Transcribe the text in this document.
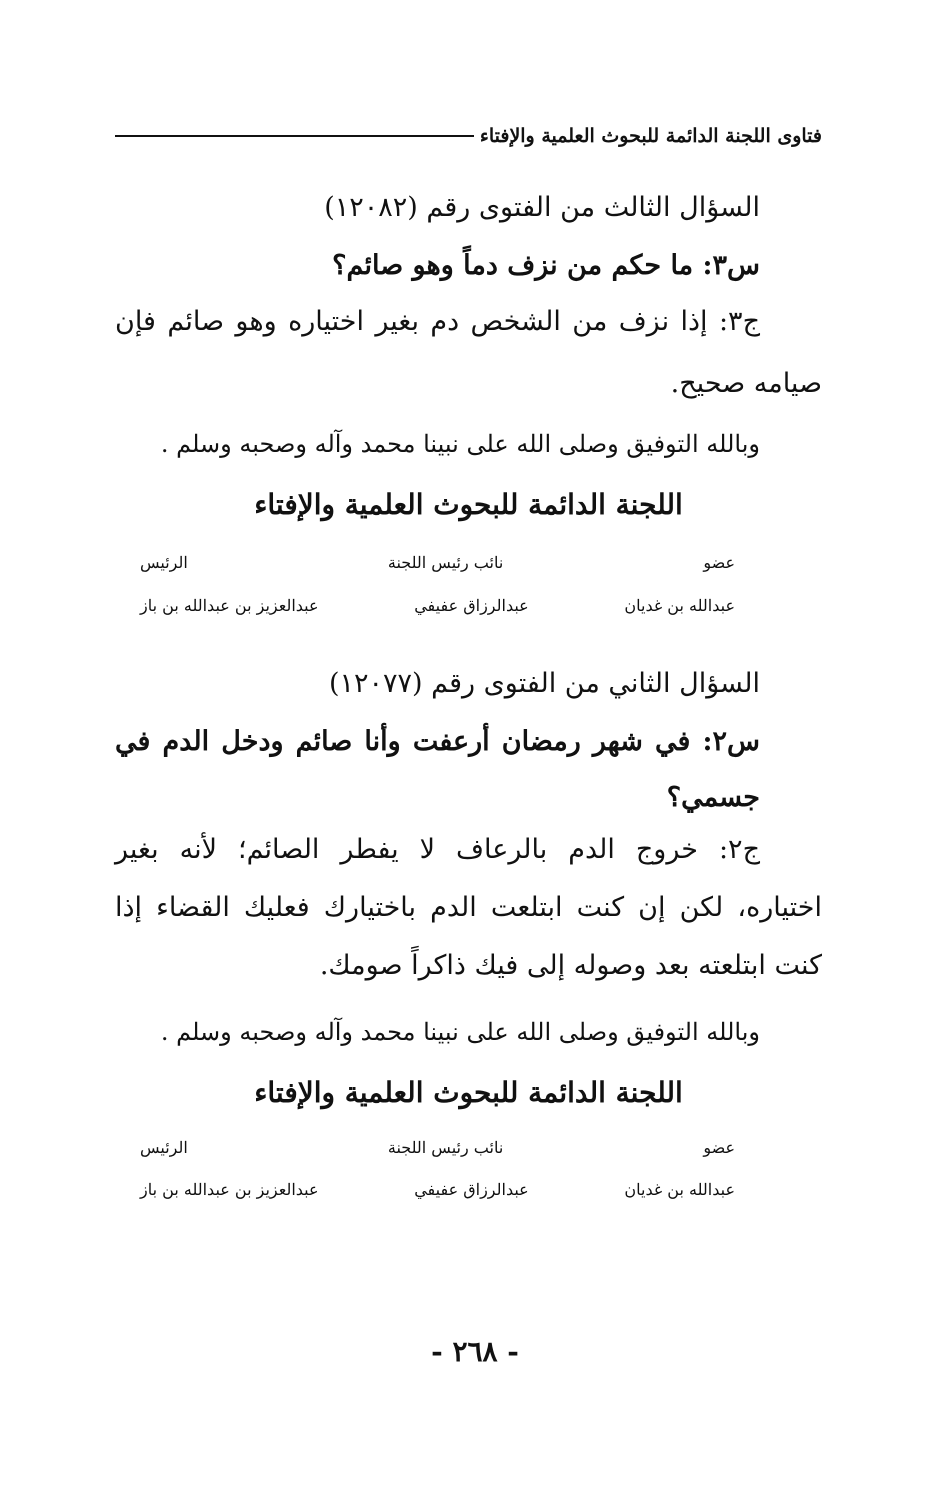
فتاوى اللجنة الدائمة للبحوث العلمية والإفتاء

السؤال الثالث من الفتوى رقم (١٢٠٨٢)

س٣: ما حكم من نزف دماً وهو صائم؟

ج٣: إذا نزف من الشخص دم بغير اختياره وهو صائم فإن

صيامه صحيح.

وبالله التوفيق وصلى الله على نبينا محمد وآله وصحبه وسلم .

اللجنة الدائمة للبحوث العلمية والإفتاء

عضو
نائب رئيس اللجنة
الرئيس
عبدالله بن غديان
عبدالرزاق عفيفي
عبدالعزيز بن عبدالله بن باز

السؤال الثاني من الفتوى رقم (١٢٠٧٧)

س٢: في شهر رمضان أرعفت وأنا صائم ودخل الدم في

جسمي؟

ج٢: خروج الدم بالرعاف لا يفطر الصائم؛ لأنه بغير

اختياره، لكن إن كنت ابتلعت الدم باختيارك فعليك القضاء إذا

كنت ابتلعته بعد وصوله إلى فيك ذاكراً صومك.

وبالله التوفيق وصلى الله على نبينا محمد وآله وصحبه وسلم .

اللجنة الدائمة للبحوث العلمية والإفتاء

عضو
نائب رئيس اللجنة
الرئيس
عبدالله بن غديان
عبدالرزاق عفيفي
عبدالعزيز بن عبدالله بن باز
- ٢٦٨ -
